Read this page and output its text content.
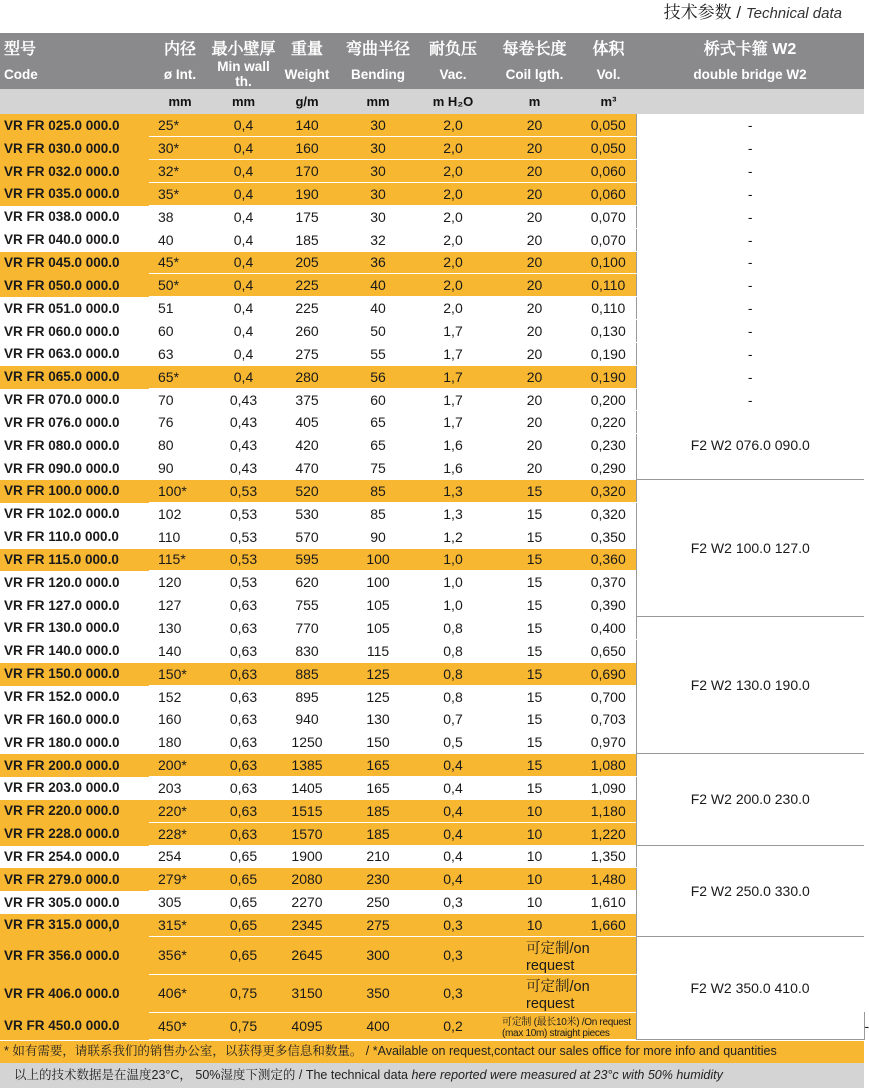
技术参数 / Technical data
型号	内径	最小壁厚	重量	弯曲半径	耐负压	每卷长度	体积	桥式卡箍 W2	
Code	ø Int.	Min wall th.	Weight	Bending	Vac.	Coil lgth.	Vol.	double bridge W2	
	mm	mm	g/m	mm	m H₂O	m	m³		
VR FR 025.0 000.0	25*	0,4	140	30	2,0	20	0,050	-	
VR FR 030.0 000.0	30*	0,4	160	30	2,0	20	0,050	-	
VR FR 032.0 000.0	32*	0,4	170	30	2,0	20	0,060	-	
VR FR 035.0 000.0	35*	0,4	190	30	2,0	20	0,060	-	
VR FR 038.0 000.0	38	0,4	175	30	2,0	20	0,070	-	
VR FR 040.0 000.0	40	0,4	185	32	2,0	20	0,070	-	
VR FR 045.0 000.0	45*	0,4	205	36	2,0	20	0,100	-	
VR FR 050.0 000.0	50*	0,4	225	40	2,0	20	0,110	-	
VR FR 051.0 000.0	51	0,4	225	40	2,0	20	0,110	-	
VR FR 060.0 000.0	60	0,4	260	50	1,7	20	0,130	-	
VR FR 063.0 000.0	63	0,4	275	55	1,7	20	0,190	-	
VR FR 065.0 000.0	65*	0,4	280	56	1,7	20	0,190	-	
VR FR 070.0 000.0	70	0,43	375	60	1,7	20	0,200	-	
VR FR 076.0 000.0	76	0,43	405	65	1,7	20	0,220	F2 W2 076.0 090.0	
VR FR 080.0 000.0	80	0,43	420	65	1,6	20	0,230		
VR FR 090.0 000.0	90	0,43	470	75	1,6	20	0,290		
VR FR 100.0 000.0	100*	0,53	520	85	1,3	15	0,320	F2 W2 100.0 127.0	
VR FR 102.0 000.0	102	0,53	530	85	1,3	15	0,320		
VR FR 110.0 000.0	110	0,53	570	90	1,2	15	0,350		
VR FR 115.0 000.0	115*	0,53	595	100	1,0	15	0,360		
VR FR 120.0 000.0	120	0,53	620	100	1,0	15	0,370		
VR FR 127.0 000.0	127	0,63	755	105	1,0	15	0,390		
VR FR 130.0 000.0	130	0,63	770	105	0,8	15	0,400	F2 W2 130.0 190.0	
VR FR 140.0 000.0	140	0,63	830	115	0,8	15	0,650		
VR FR 150.0 000.0	150*	0,63	885	125	0,8	15	0,690		
VR FR 152.0 000.0	152	0,63	895	125	0,8	15	0,700		
VR FR 160.0 000.0	160	0,63	940	130	0,7	15	0,703		
VR FR 180.0 000.0	180	0,63	1250	150	0,5	15	0,970		
VR FR 200.0 000.0	200*	0,63	1385	165	0,4	15	1,080	F2 W2 200.0 230.0	
VR FR 203.0 000.0	203	0,63	1405	165	0,4	15	1,090		
VR FR 220.0 000.0	220*	0,63	1515	185	0,4	10	1,180		
VR FR 228.0 000.0	228*	0,63	1570	185	0,4	10	1,220		
VR FR 254.0 000.0	254	0,65	1900	210	0,4	10	1,350	F2 W2 250.0 330.0	
VR FR 279.0 000.0	279*	0,65	2080	230	0,4	10	1,480		
VR FR 305.0 000.0	305	0,65	2270	250	0,3	10	1,610		
VR FR 315.0 000,0	315*	0,65	2345	275	0,3	10	1,660		
VR FR 356.0 000.0	356*	0,65	2645	300	0,3	可定制/on request		F2 W2 350.0 410.0	
VR FR 406.0 000.0	406*	0,75	3150	350	0,3	可定制/on request			
VR FR 450.0 000.0	450*	0,75	4095	400	0,2	可定制 (最长10米) /On request (max 10m) straight pieces			-
* 如有需要，请联系我们的销售办公室，以获得更多信息和数量。 / *Available on request,contact our sales office for more info and quantities
以上的技术数据是在温度23°C， 50%湿度下测定的 / The technical data here reported were measured at 23°c with 50% humidity
